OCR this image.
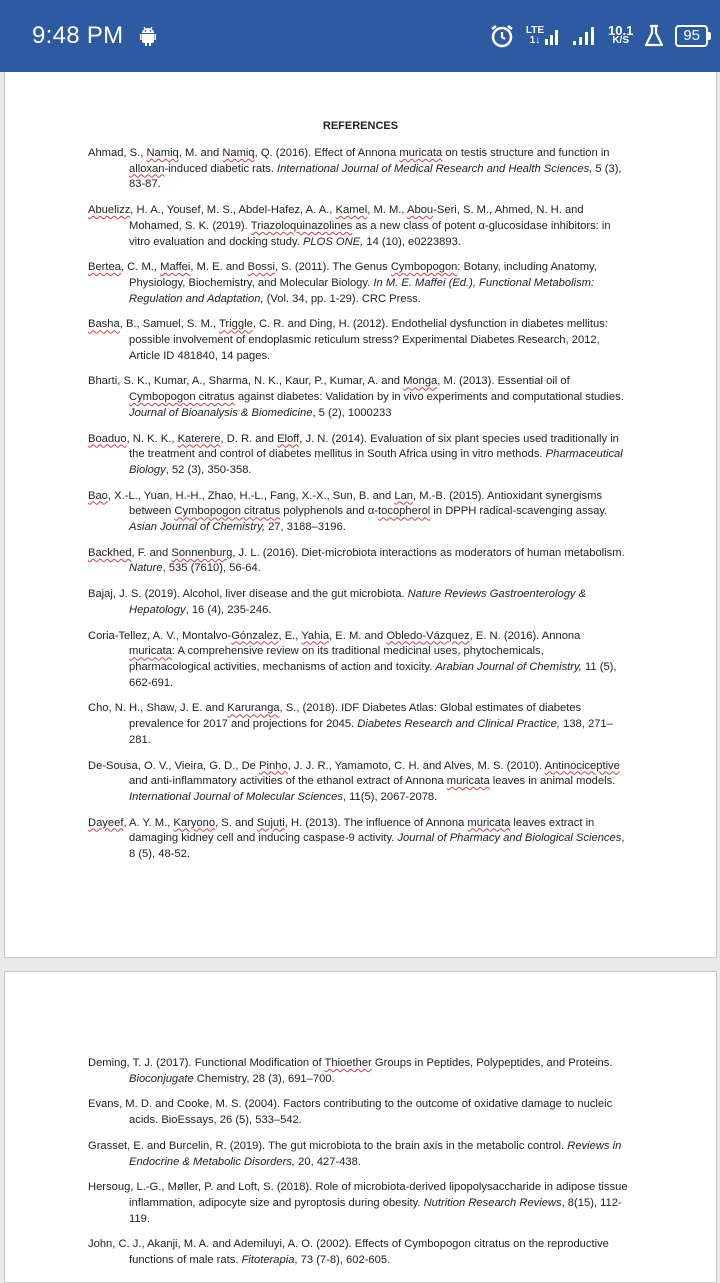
9:48 PM	LTE
1↓
10.1
K/S	95
REFERENCES

Ahmad, S., Namiq, M. and Namiq, Q. (2016). Effect of Annona muricata on testis structure and function in alloxan-induced diabetic rats. International Journal of Medical Research and Health Sciences, 5 (3), 83-87.

Abuelizz, H. A., Yousef, M. S., Abdel-Hafez, A. A., Kamel, M. M., Abou-Seri, S. M., Ahmed, N. H. and Mohamed, S. K. (2019). Triazoloquinazolines as a new class of potent α-glucosidase inhibitors: in vitro evaluation and docking study. PLOS ONE, 14 (10), e0223893.

Bertea, C. M., Maffei, M. E. and Bossi, S. (2011). The Genus Cymbopogon: Botany, including Anatomy, Physiology, Biochemistry, and Molecular Biology. In M. E. Maffei (Ed.), Functional Metabolism: Regulation and Adaptation, (Vol. 34, pp. 1-29). CRC Press.

Basha, B., Samuel, S. M., Triggle, C. R. and Ding, H. (2012). Endothelial dysfunction in diabetes mellitus: possible involvement of endoplasmic reticulum stress? Experimental Diabetes Research, 2012, Article ID 481840, 14 pages.

Bharti, S. K., Kumar, A., Sharma, N. K., Kaur, P., Kumar, A. and Monga, M. (2013). Essential oil of Cymbopogon citratus against diabetes: Validation by in vivo experiments and computational studies. Journal of Bioanalysis & Biomedicine, 5 (2), 1000233

Boaduo, N. K. K., Katerere, D. R. and Eloff, J. N. (2014). Evaluation of six plant species used traditionally in the treatment and control of diabetes mellitus in South Africa using in vitro methods. Pharmaceutical Biology, 52 (3), 350-358.

Bao, X.-L., Yuan, H.-H., Zhao, H.-L., Fang, X.-X., Sun, B. and Lan, M.-B. (2015). Antioxidant synergisms between Cymbopogon citratus polyphenols and α-tocopherol in DPPH radical-scavenging assay. Asian Journal of Chemistry, 27, 3188–3196.

Backhed, F. and Sonnenburg, J. L. (2016). Diet-microbiota interactions as moderators of human metabolism. Nature, 535 (7610), 56-64.

Bajaj, J. S. (2019). Alcohol, liver disease and the gut microbiota. Nature Reviews Gastroenterology & Hepatology, 16 (4), 235-246.

Coria-Tellez, A. V., Montalvo-Gónzalez, E., Yahia, E. M. and Obledo-Vázquez, E. N. (2016). Annona muricata: A comprehensive review on its traditional medicinal uses, phytochemicals, pharmacological activities, mechanisms of action and toxicity. Arabian Journal of Chemistry, 11 (5), 662-691.

Cho, N. H., Shaw, J. E. and Karuranga, S., (2018). IDF Diabetes Atlas: Global estimates of diabetes prevalence for 2017 and projections for 2045. Diabetes Research and Clinical Practice, 138, 271–281.

De-Sousa, O. V., Vieira, G. D., De Pinho, J. J. R., Yamamoto, C. H. and Alves, M. S. (2010). Antinociceptive and anti-inflammatory activities of the ethanol extract of Annona muricata leaves in animal models. International Journal of Molecular Sciences, 11(5), 2067-2078.

Dayeef, A. Y. M., Karyono, S. and Sujuti, H. (2013). The influence of Annona muricata leaves extract in damaging kidney cell and inducing caspase-9 activity. Journal of Pharmacy and Biological Sciences, 8 (5), 48-52.

Deming, T. J. (2017). Functional Modification of Thioether Groups in Peptides, Polypeptides, and Proteins. Bioconjugate Chemistry, 28 (3), 691–700.

Evans, M. D. and Cooke, M. S. (2004). Factors contributing to the outcome of oxidative damage to nucleic acids. BioEssays, 26 (5), 533–542.

Grasset, E. and Burcelin, R. (2019). The gut microbiota to the brain axis in the metabolic control. Reviews in Endocrine & Metabolic Disorders, 20, 427-438.

Hersoug, L.-G., Møller, P. and Loft, S. (2018). Role of microbiota-derived lipopolysaccharide in adipose tissue inflammation, adipocyte size and pyroptosis during obesity. Nutrition Research Reviews, 8(15), 112-119.

John, C. J., Akanji, M. A. and Ademiluyi, A. O. (2002). Effects of Cymbopogon citratus on the reproductive functions of male rats. Fitoterapia, 73 (7-8), 602-605.
